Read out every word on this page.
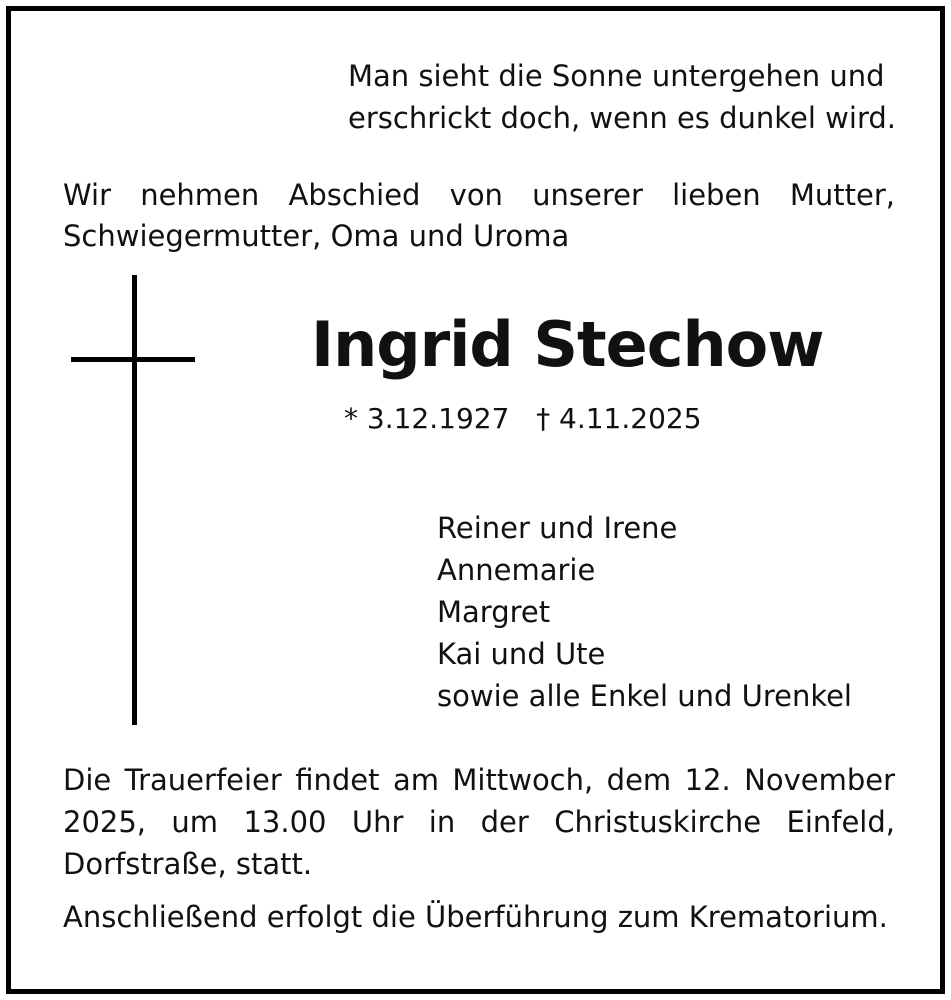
Man sieht die Sonne untergehen und
erschrickt doch, wenn es dunkel wird.

Wir nehmen Abschied von unserer lieben Mutter, Schwiegermutter, Oma und Uroma

Ingrid Stechow
* 3.12.1927 † 4.11.2025
Reiner und Irene
Annemarie
Margret
Kai und Ute
sowie alle Enkel und Urenkel

Die Trauerfeier findet am Mittwoch, dem 12. November 2025, um 13.00 Uhr in der Christuskirche Einfeld, Dorfstraße, statt.

Anschließend erfolgt die Überführung zum Krematorium.
